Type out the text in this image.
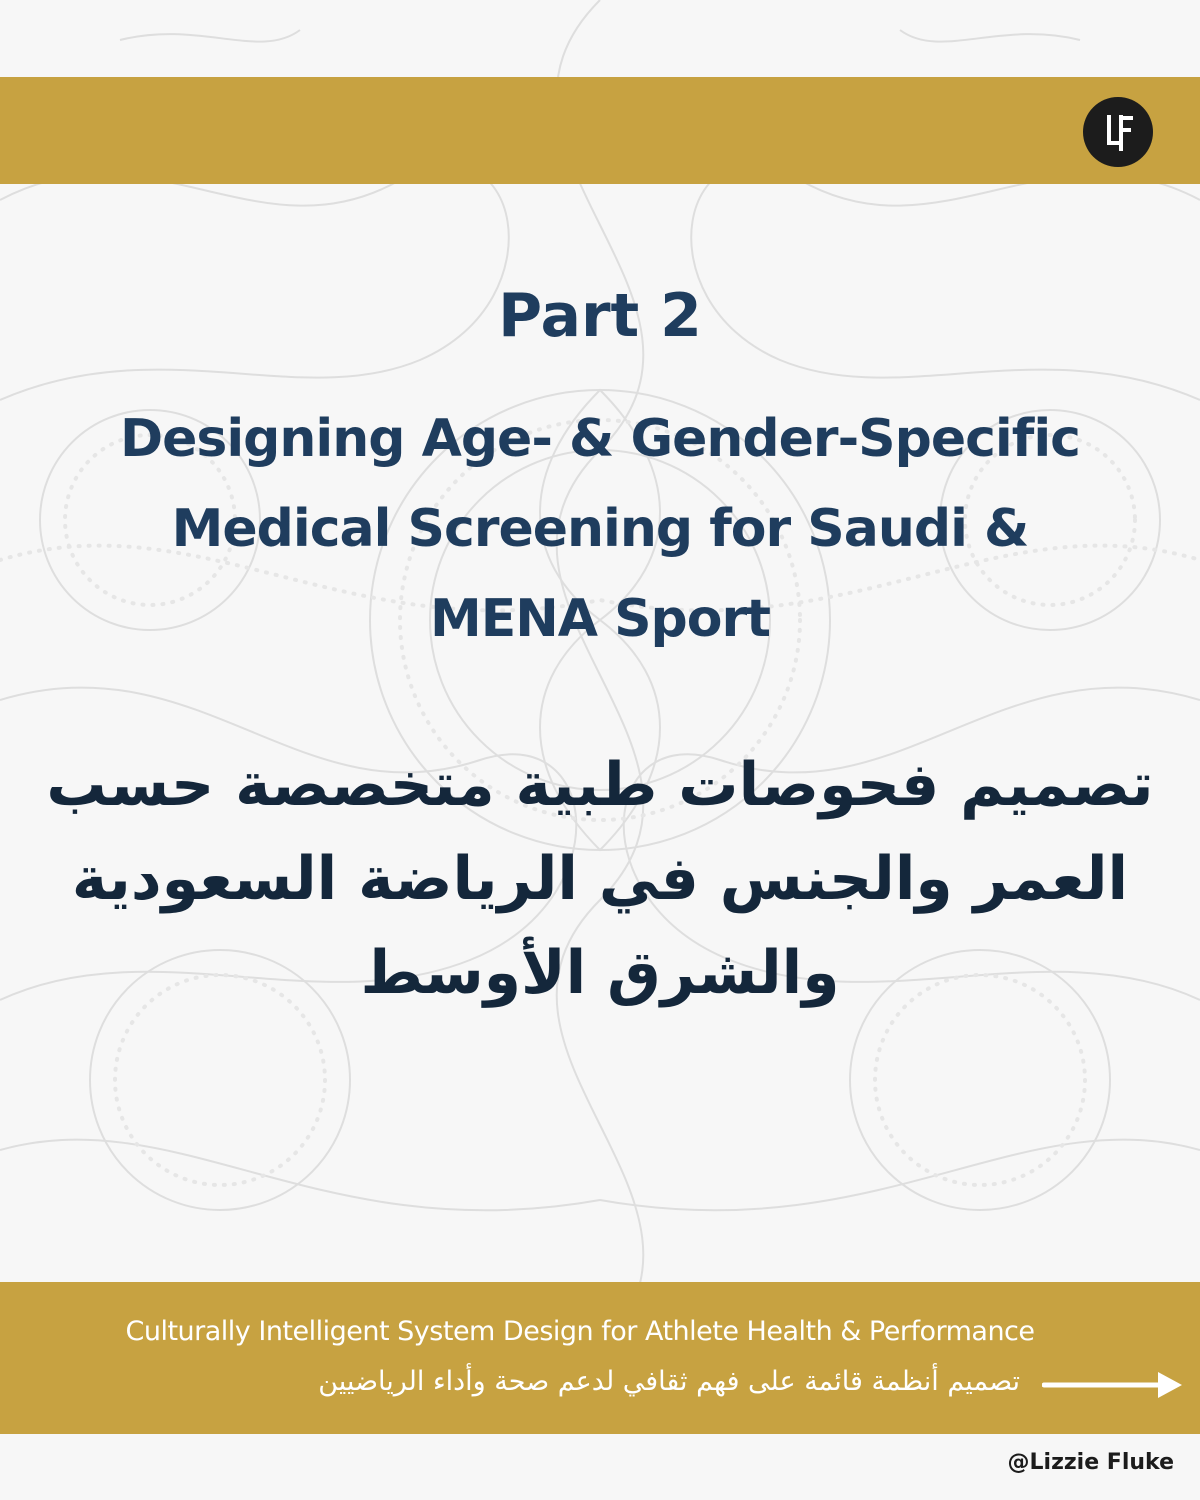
Part 2
Designing Age- & Gender-Specific
Medical Screening for Saudi &
MENA Sport
تصميم فحوصات طبية متخصصة حسب
العمر والجنس في الرياضة السعودية
والشرق الأوسط
Culturally Intelligent System Design for Athlete Health & Performance
تصميم أنظمة قائمة على فهم ثقافي لدعم صحة وأداء الرياضيين
@Lizzie Fluke
